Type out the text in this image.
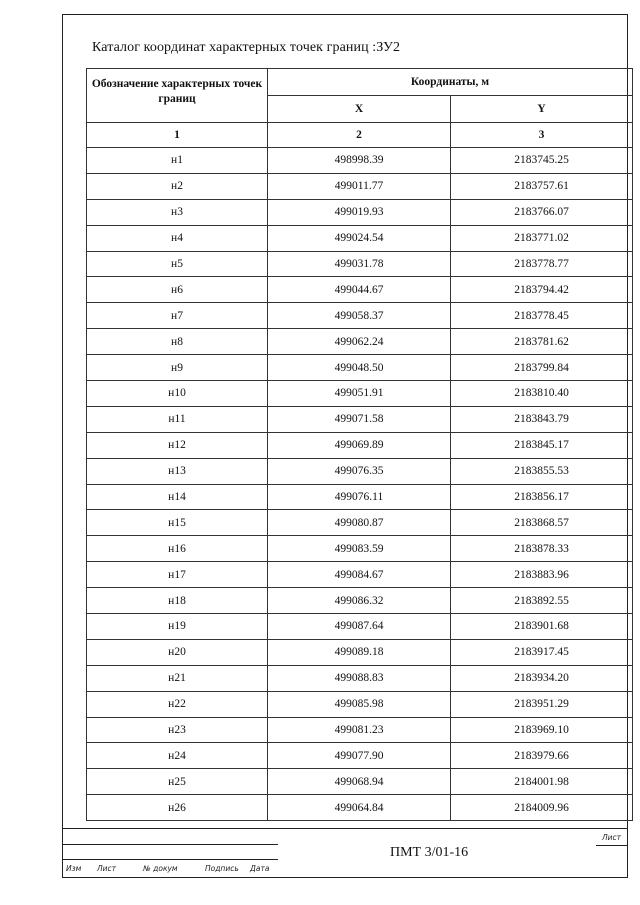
Каталог координат характерных точек границ :ЗУ2
Обозначение характерных точек границ	Координаты, м	
	X	Y
1	2	3
н1	498998.39	2183745.25
н2	499011.77	2183757.61
н3	499019.93	2183766.07
н4	499024.54	2183771.02
н5	499031.78	2183778.77
н6	499044.67	2183794.42
н7	499058.37	2183778.45
н8	499062.24	2183781.62
н9	499048.50	2183799.84
н10	499051.91	2183810.40
н11	499071.58	2183843.79
н12	499069.89	2183845.17
н13	499076.35	2183855.53
н14	499076.11	2183856.17
н15	499080.87	2183868.57
н16	499083.59	2183878.33
н17	499084.67	2183883.96
н18	499086.32	2183892.55
н19	499087.64	2183901.68
н20	499089.18	2183917.45
н21	499088.83	2183934.20
н22	499085.98	2183951.29
н23	499081.23	2183969.10
н24	499077.90	2183979.66
н25	499068.94	2184001.98
н26	499064.84	2184009.96
Изм Лист	№ докум	Подпись Дата
Лист
ПМТ 3/01-16
